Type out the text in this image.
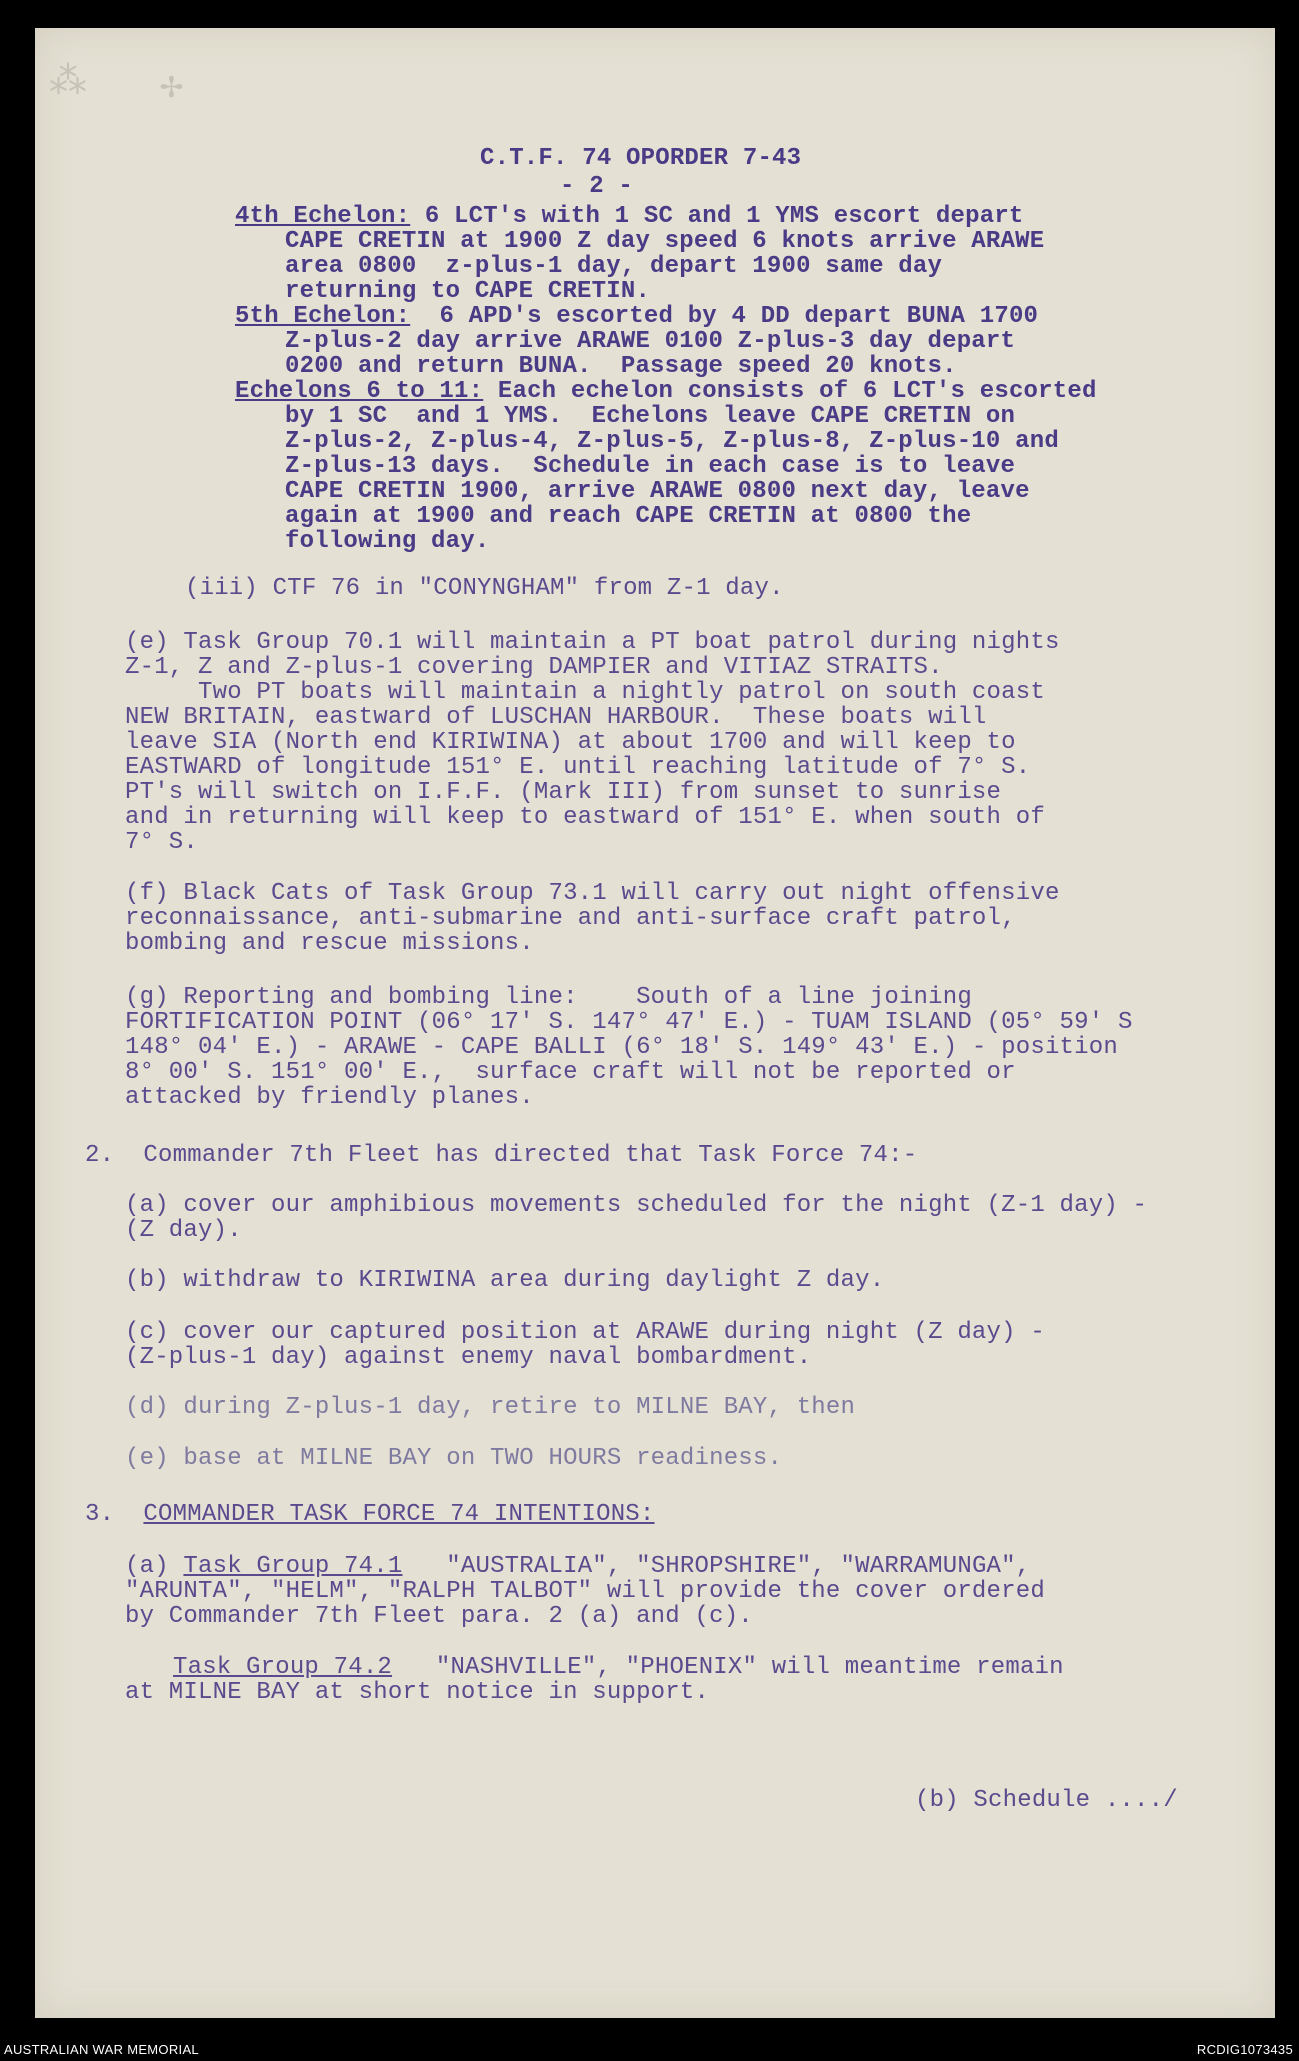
⁂ ✢
C.T.F. 74 OPORDER 7-43
- 2 -
4th Echelon: 6 LCT's with 1 SC and 1 YMS escort depart
CAPE CRETIN at 1900 Z day speed 6 knots arrive ARAWE
area 0800  z-plus-1 day, depart 1900 same day
returning to CAPE CRETIN.
5th Echelon: 6 APD's escorted by 4 DD depart BUNA 1700
Z-plus-2 day arrive ARAWE 0100 Z-plus-3 day depart
0200 and return BUNA.  Passage speed 20 knots.
Echelons 6 to 11: Each echelon consists of 6 LCT's escorted
by 1 SC  and 1 YMS.  Echelons leave CAPE CRETIN on
Z-plus-2, Z-plus-4, Z-plus-5, Z-plus-8, Z-plus-10 and
Z-plus-13 days.  Schedule in each case is to leave
CAPE CRETIN 1900, arrive ARAWE 0800 next day, leave
again at 1900 and reach CAPE CRETIN at 0800 the
following day.
(iii) CTF 76 in "CONYNGHAM" from Z-1 day.
(e) Task Group 70.1 will maintain a PT boat patrol during nights
Z-1, Z and Z-plus-1 covering DAMPIER and VITIAZ STRAITS.
Two PT boats will maintain a nightly patrol on south coast
NEW BRITAIN, eastward of LUSCHAN HARBOUR.  These boats will
leave SIA (North end KIRIWINA) at about 1700 and will keep to
EASTWARD of longitude 151° E. until reaching latitude of 7° S.
PT's will switch on I.F.F. (Mark III) from sunset to sunrise
and in returning will keep to eastward of 151° E. when south of
7° S.
(f) Black Cats of Task Group 73.1 will carry out night offensive
reconnaissance, anti-submarine and anti-surface craft patrol,
bombing and rescue missions.
(g) Reporting and bombing line:    South of a line joining
FORTIFICATION POINT (06° 17' S. 147° 47' E.) - TUAM ISLAND (05° 59' S
148° 04' E.) - ARAWE - CAPE BALLI (6° 18' S. 149° 43' E.) - position
8° 00' S. 151° 00' E.,  surface craft will not be reported or
attacked by friendly planes.
2.  Commander 7th Fleet has directed that Task Force 74:-
(a) cover our amphibious movements scheduled for the night (Z-1 day) -
(Z day).
(b) withdraw to KIRIWINA area during daylight Z day.
(c) cover our captured position at ARAWE during night (Z day) -
(Z-plus-1 day) against enemy naval bombardment.
(d) during Z-plus-1 day, retire to MILNE BAY, then
(e) base at MILNE BAY on TWO HOURS readiness.
3.  COMMANDER TASK FORCE 74 INTENTIONS:
(a) Task Group 74.1   "AUSTRALIA", "SHROPSHIRE", "WARRAMUNGA",
"ARUNTA", "HELM", "RALPH TALBOT" will provide the cover ordered
by Commander 7th Fleet para. 2 (a) and (c).
Task Group 74.2   "NASHVILLE", "PHOENIX" will meantime remain
at MILNE BAY at short notice in support.
(b) Schedule ..../
AUSTRALIAN WAR MEMORIAL	RCDIG1073435
